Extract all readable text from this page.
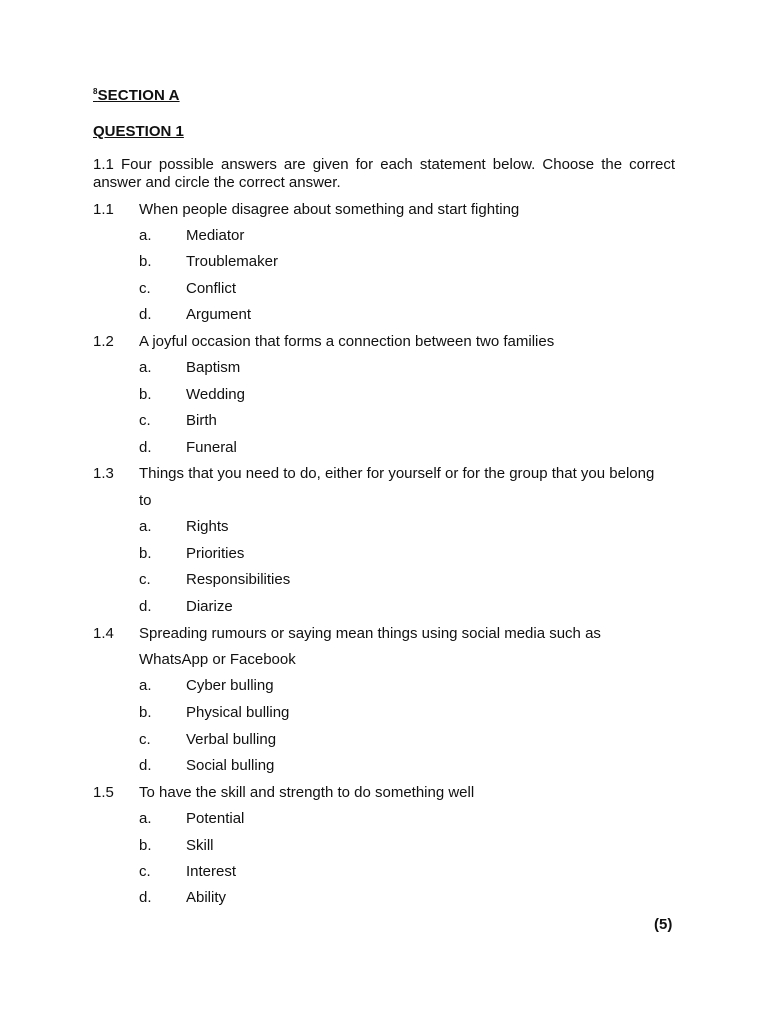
$^8$SECTION A
QUESTION 1
1.1 Four possible answers are given for each statement below. Choose the correct answer and circle the correct answer.
1.1 When people disagree about something and start fighting
a. Mediator
b. Troublemaker
c. Conflict
d. Argument
1.2 A joyful occasion that forms a connection between two families
a. Baptism
b. Wedding
c. Birth
d. Funeral
1.3 Things that you need to do, either for yourself or for the group that you belong
to
a. Rights
b. Priorities
c. Responsibilities
d. Diarize
1.4 Spreading rumours or saying mean things using social media such as
WhatsApp or Facebook
a. Cyber bulling
b. Physical bulling
c. Verbal bulling
d. Social bulling
1.5 To have the skill and strength to do something well
a. Potential
b. Skill
c. Interest
d. Ability
(5)
